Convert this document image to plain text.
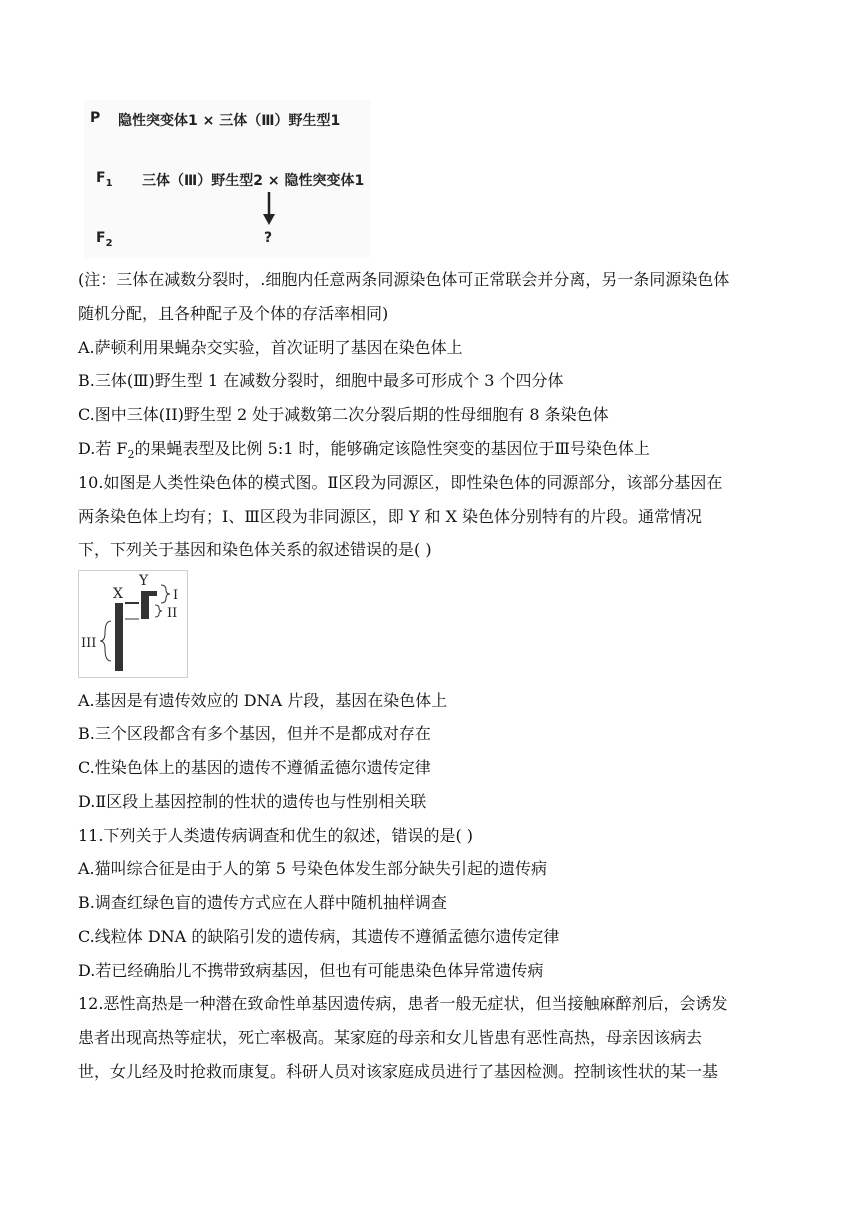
P 隐性突变体1 × 三体（Ⅲ）野生型1
$F_1$ 三体（Ⅲ）野生型2 × 隐性突变体1
$F_2$	?
(注：三体在减数分裂时，.细胞内任意两条同源染色体可正常联会并分离，另一条同源染色体
随机分配，且各种配子及个体的存活率相同)
A.萨顿利用果蝇杂交实验，首次证明了基因在染色体上
B.三体(Ⅲ)野生型 1 在减数分裂时，细胞中最多可形成个 3 个四分体
C.图中三体(II)野生型 2 处于减数第二次分裂后期的性母细胞有 8 条染色体
D.若 $F_2$的果蝇表型及比例 5:1 时，能够确定该隐性突变的基因位于Ⅲ号染色体上
10.如图是人类性染色体的模式图。Ⅱ区段为同源区，即性染色体的同源部分，该部分基因在
两条染色体上均有；Ⅰ、Ⅲ区段为非同源区，即 Y 和 X 染色体分别特有的片段。通常情况
下，下列关于基因和染色体关系的叙述错误的是( )
X
Y
I
II
III
A.基因是有遗传效应的 DNA 片段，基因在染色体上
B.三个区段都含有多个基因，但并不是都成对存在
C.性染色体上的基因的遗传不遵循孟德尔遗传定律
D.Ⅱ区段上基因控制的性状的遗传也与性别相关联
11.下列关于人类遗传病调查和优生的叙述，错误的是( )
A.猫叫综合征是由于人的第 5 号染色体发生部分缺失引起的遗传病
B.调查红绿色盲的遗传方式应在人群中随机抽样调查
C.线粒体 DNA 的缺陷引发的遗传病，其遗传不遵循孟德尔遗传定律
D.若已经确胎儿不携带致病基因，但也有可能患染色体异常遗传病
12.恶性高热是一种潜在致命性单基因遗传病，患者一般无症状，但当接触麻醉剂后，会诱发
患者出现高热等症状，死亡率极高。某家庭的母亲和女儿皆患有恶性高热，母亲因该病去
世，女儿经及时抢救而康复。科研人员对该家庭成员进行了基因检测。控制该性状的某一基
